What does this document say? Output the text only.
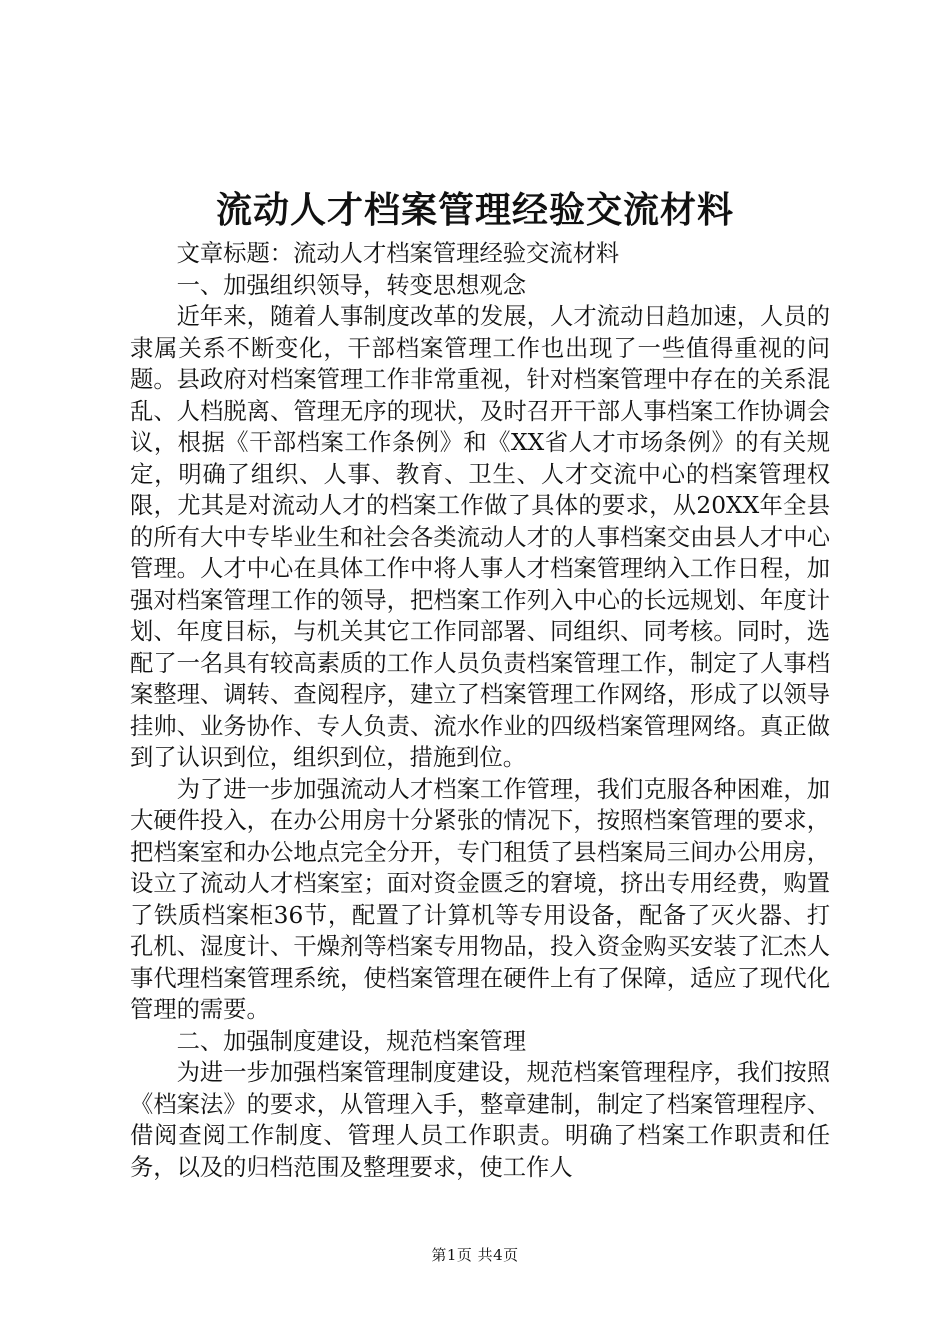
流动人才档案管理经验交流材料

文章标题：流动人才档案管理经验交流材料

一、加强组织领导，转变思想观念

近年来，随着人事制度改革的发展，人才流动日趋加速，人员的隶属关系不断变化，干部档案管理工作也出现了一些值得重视的问题。县政府对档案管理工作非常重视，针对档案管理中存在的关系混乱、人档脱离、管理无序的现状，及时召开干部人事档案工作协调会议，根据《干部档案工作条例》和《XX省人才市场条例》的有关规定，明确了组织、人事、教育、卫生、人才交流中心的档案管理权限，尤其是对流动人才的档案工作做了具体的要求，从20XX年全县的所有大中专毕业生和社会各类流动人才的人事档案交由县人才中心管理。人才中心在具体工作中将人事人才档案管理纳入工作日程，加强对档案管理工作的领导，把档案工作列入中心的长远规划、年度计划、年度目标，与机关其它工作同部署、同组织、同考核。同时，选配了一名具有较高素质的工作人员负责档案管理工作，制定了人事档案整理、调转、查阅程序，建立了档案管理工作网络，形成了以领导挂帅、业务协作、专人负责、流水作业的四级档案管理网络。真正做到了认识到位，组织到位，措施到位。

为了进一步加强流动人才档案工作管理，我们克服各种困难，加大硬件投入，在办公用房十分紧张的情况下，按照档案管理的要求，把档案室和办公地点完全分开，专门租赁了县档案局三间办公用房，设立了流动人才档案室；面对资金匮乏的窘境，挤出专用经费，购置了铁质档案柜36节，配置了计算机等专用设备，配备了灭火器、打孔机、湿度计、干燥剂等档案专用物品，投入资金购买安装了汇杰人事代理档案管理系统，使档案管理在硬件上有了保障，适应了现代化管理的需要。

二、加强制度建设，规范档案管理

为进一步加强档案管理制度建设，规范档案管理程序，我们按照《档案法》的要求，从管理入手，整章建制，制定了档案管理程序、借阅查阅工作制度、管理人员工作职责。明确了档案工作职责和任务，以及的归档范围及整理要求，使工作人

第1页 共4页
